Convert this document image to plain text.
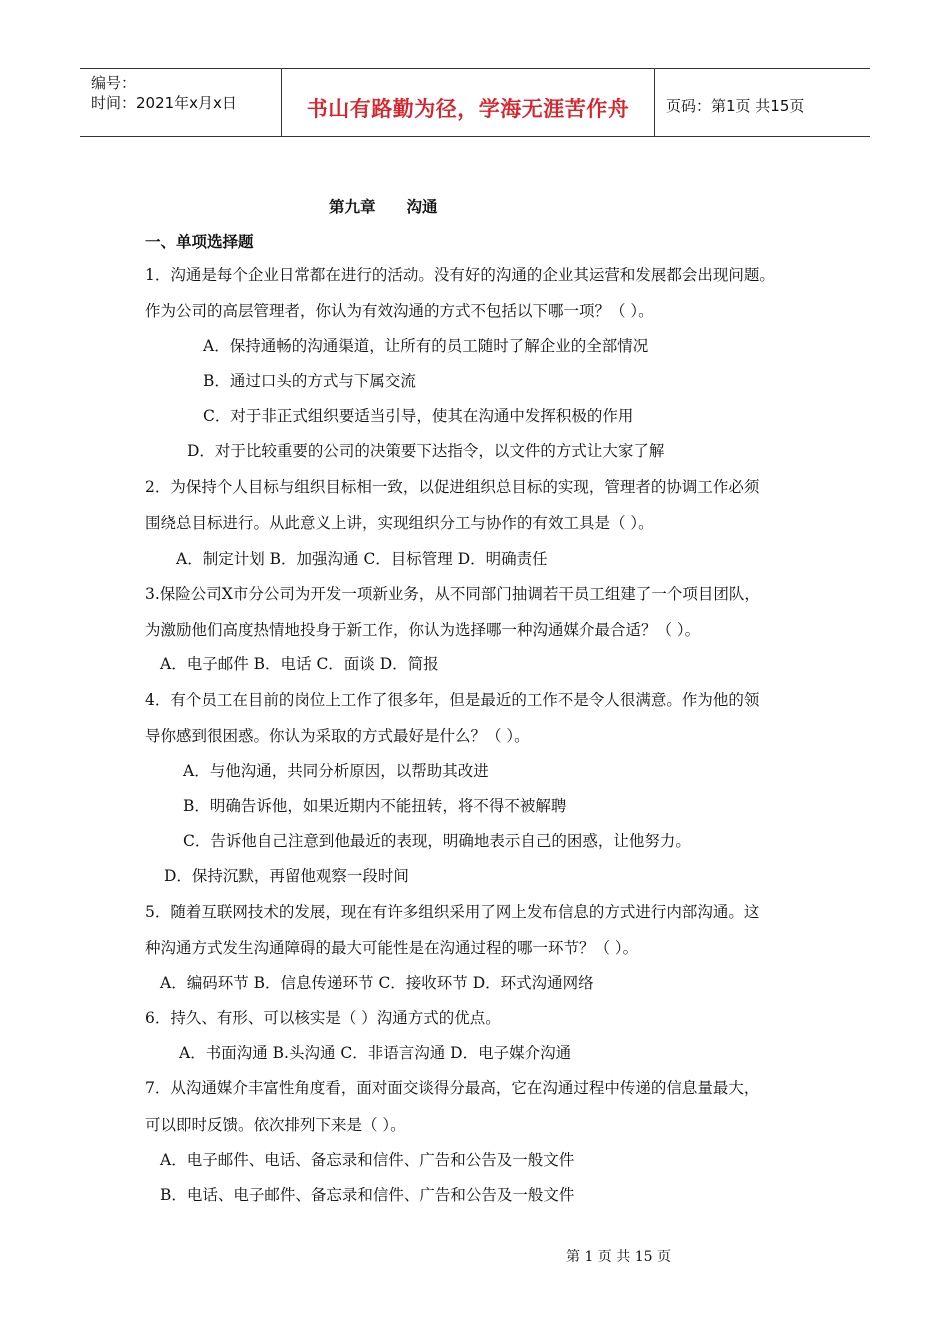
编号：
时间：2021年x月x日	书山有路勤为径，学海无涯苦作舟	页码：第1页 共15页
第九章　　沟通
一、单项选择题
1．沟通是每个企业日常都在进行的活动。没有好的沟通的企业其运营和发展都会出现问题。
作为公司的高层管理者，你认为有效沟通的方式不包括以下哪一项？（ ）。
A．保持通畅的沟通渠道，让所有的员工随时了解企业的全部情况
B．通过口头的方式与下属交流
C．对于非正式组织要适当引导，使其在沟通中发挥积极的作用
D．对于比较重要的公司的决策要下达指令，以文件的方式让大家了解
2．为保持个人目标与组织目标相一致，以促进组织总目标的实现，管理者的协调工作必须
围绕总目标进行。从此意义上讲，实现组织分工与协作的有效工具是（ ）。
A．制定计划 B．加强沟通 C．目标管理 D．明确责任
3.保险公司X市分公司为开发一项新业务，从不同部门抽调若干员工组建了一个项目团队，
为激励他们高度热情地投身于新工作，你认为选择哪一种沟通媒介最合适？（ ）。
A．电子邮件 B．电话 C．面谈 D．简报
4．有个员工在目前的岗位上工作了很多年，但是最近的工作不是令人很满意。作为他的领
导你感到很困惑。你认为采取的方式最好是什么？（ ）。
A．与他沟通，共同分析原因，以帮助其改进
B．明确告诉他，如果近期内不能扭转，将不得不被解聘
C．告诉他自己注意到他最近的表现，明确地表示自己的困惑，让他努力。
D．保持沉默，再留他观察一段时间
5．随着互联网技术的发展，现在有许多组织采用了网上发布信息的方式进行内部沟通。这
种沟通方式发生沟通障碍的最大可能性是在沟通过程的哪一环节？（ ）。
A．编码环节 B．信息传递环节 C．接收环节 D．环式沟通网络
6．持久、有形、可以核实是（ ）沟通方式的优点。
A．书面沟通 B.头沟通 C．非语言沟通 D．电子媒介沟通
7．从沟通媒介丰富性角度看，面对面交谈得分最高，它在沟通过程中传递的信息量最大，
可以即时反馈。依次排列下来是（ ）。
A．电子邮件、电话、备忘录和信件、广告和公告及一般文件
B．电话、电子邮件、备忘录和信件、广告和公告及一般文件
第 1 页 共 15 页
